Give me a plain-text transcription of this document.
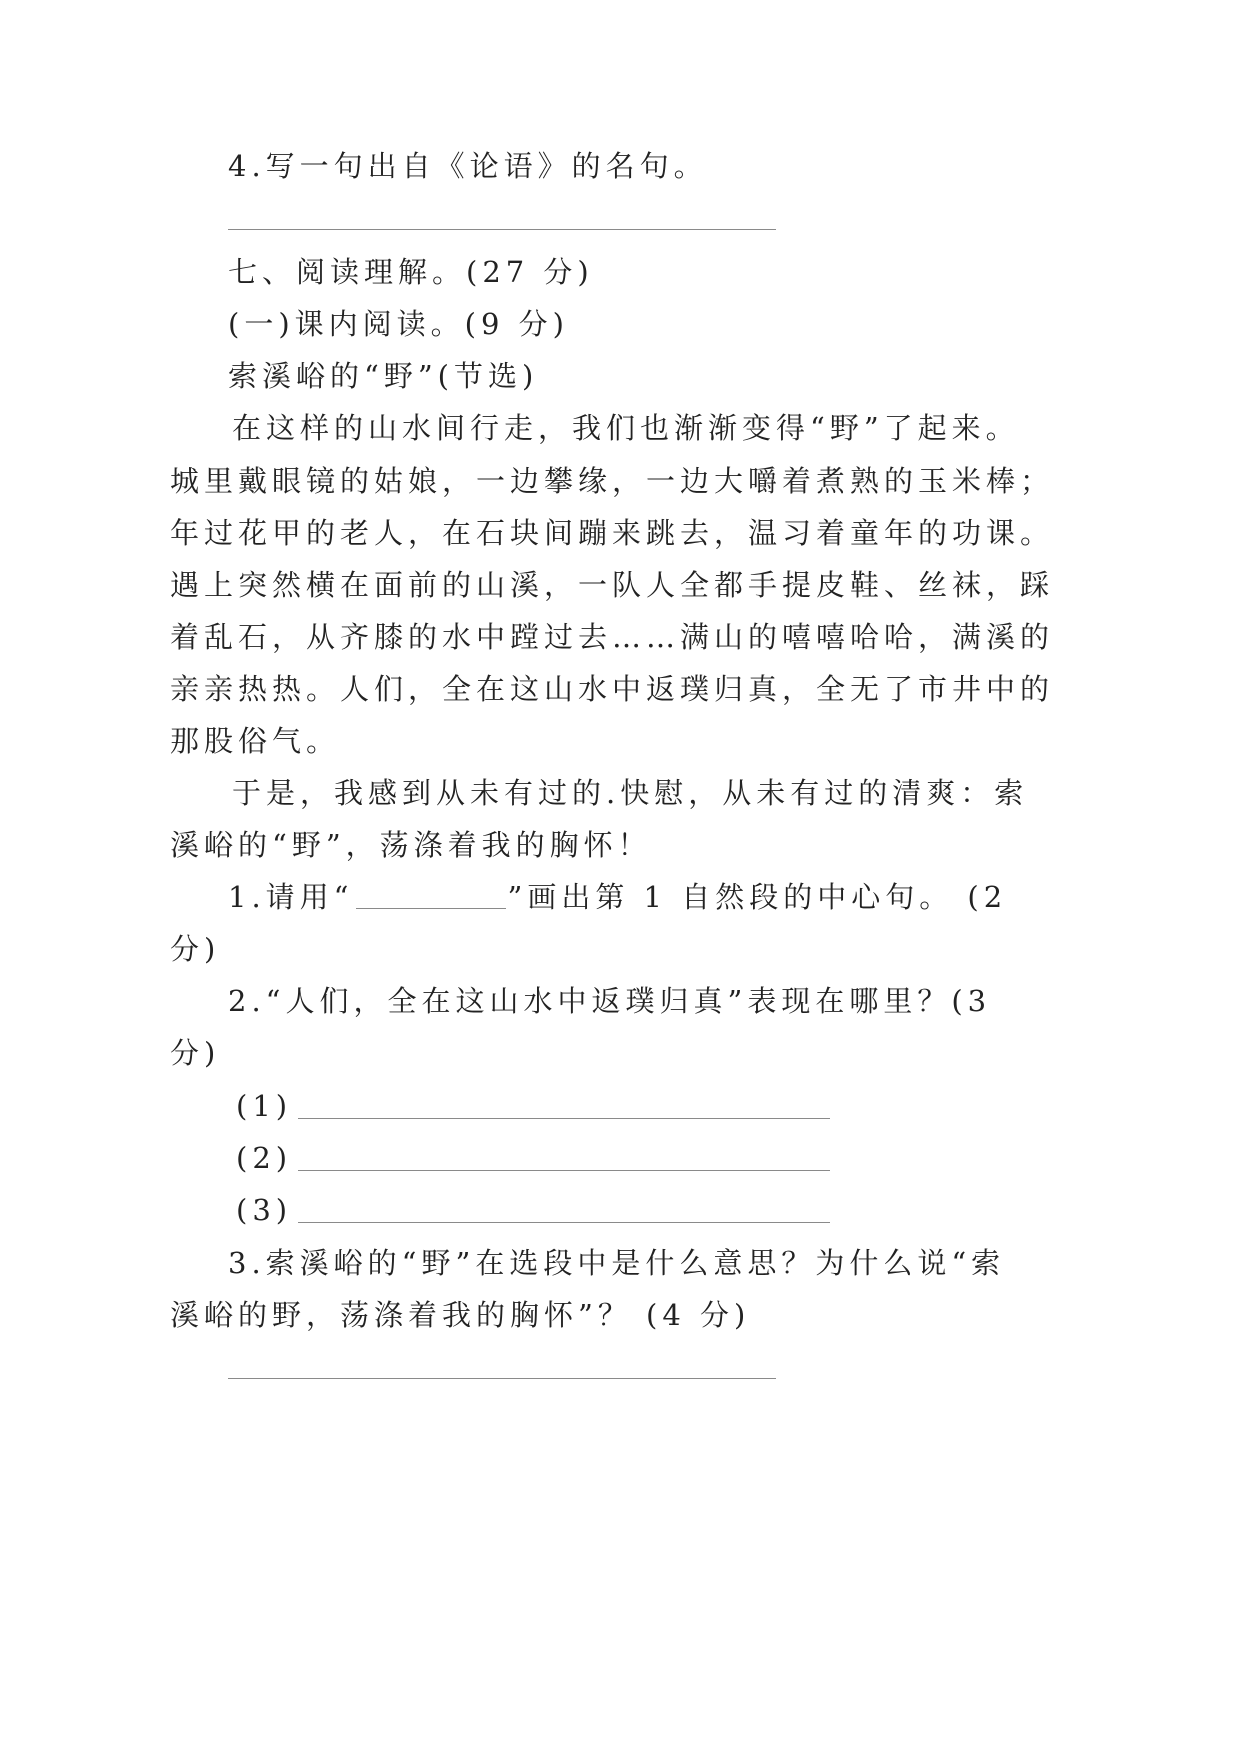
4.写一句出自《论语》的名句。
七、阅读理解。(27 分)
(一)课内阅读。(9 分)
索溪峪的“野”(节选)
在这样的山水间行走，我们也渐渐变得“野”了起来。
城里戴眼镜的姑娘，一边攀缘，一边大嚼着煮熟的玉米棒；
年过花甲的老人，在石块间蹦来跳去，温习着童年的功课。
遇上突然横在面前的山溪，一队人全都手提皮鞋、丝袜，踩
着乱石，从齐膝的水中蹚过去……满山的嘻嘻哈哈，满溪的
亲亲热热。人们，全在这山水中返璞归真，全无了市井中的
那股俗气。
于是，我感到从未有过的.快慰，从未有过的清爽：索
溪峪的“野”，荡涤着我的胸怀！
1.请用“	”画出第 1 自然段的中心句。 (2
分)
2.“人们，全在这山水中返璞归真”表现在哪里？(3
分)
(1)
(2)
(3)
3.索溪峪的“野”在选段中是什么意思？为什么说“索
溪峪的野，荡涤着我的胸怀”？ (4 分)
